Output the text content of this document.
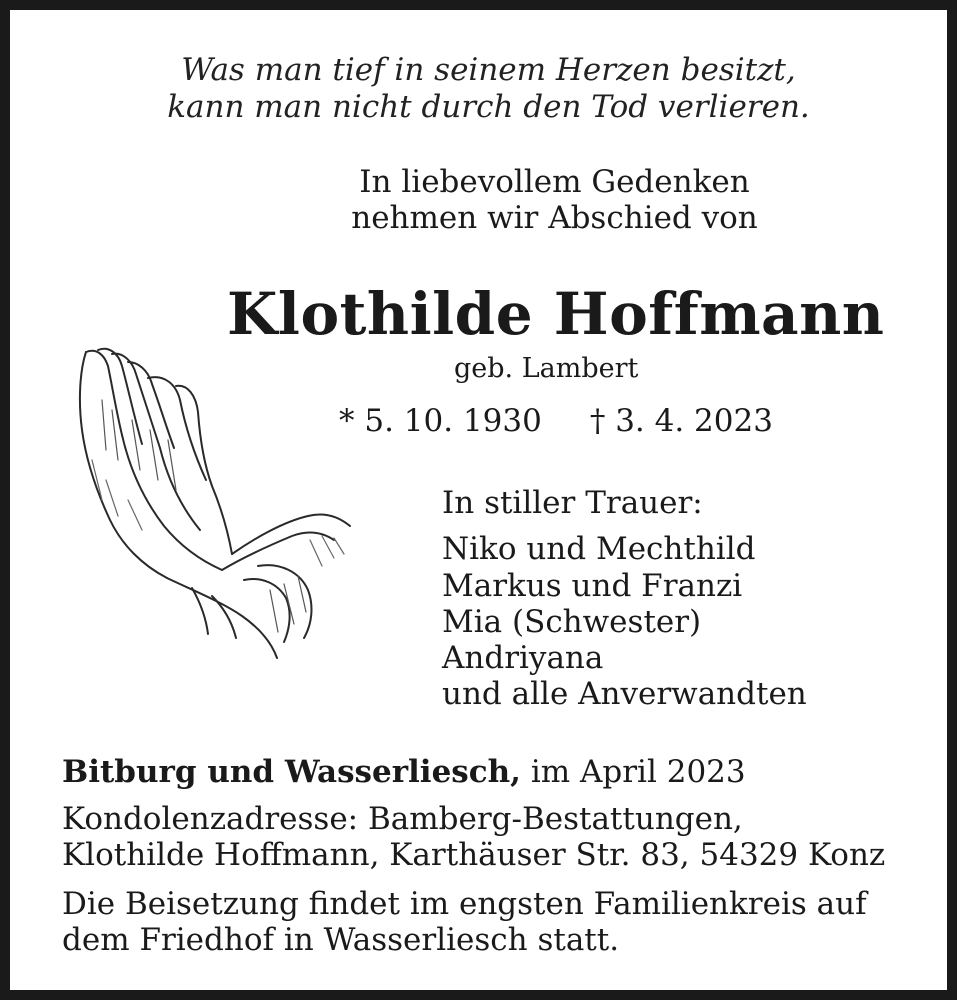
Was man tief in seinem Herzen besitzt,
kann man nicht durch den Tod verlieren.
In liebevollem Gedenken
nehmen wir Abschied von
Klothilde Hoffmann
geb. Lambert
* 5. 10. 1930 † 3. 4. 2023
In stiller Trauer:
Niko und Mechthild
Markus und Franzi
Mia (Schwester)
Andriyana
und alle Anverwandten
Bitburg und Wasserliesch, im April 2023
Kondolenzadresse: Bamberg-Bestattungen,
Klothilde Hoffmann, Karthäuser Str. 83, 54329 Konz
Die Beisetzung findet im engsten Familienkreis auf
dem Friedhof in Wasserliesch statt.
